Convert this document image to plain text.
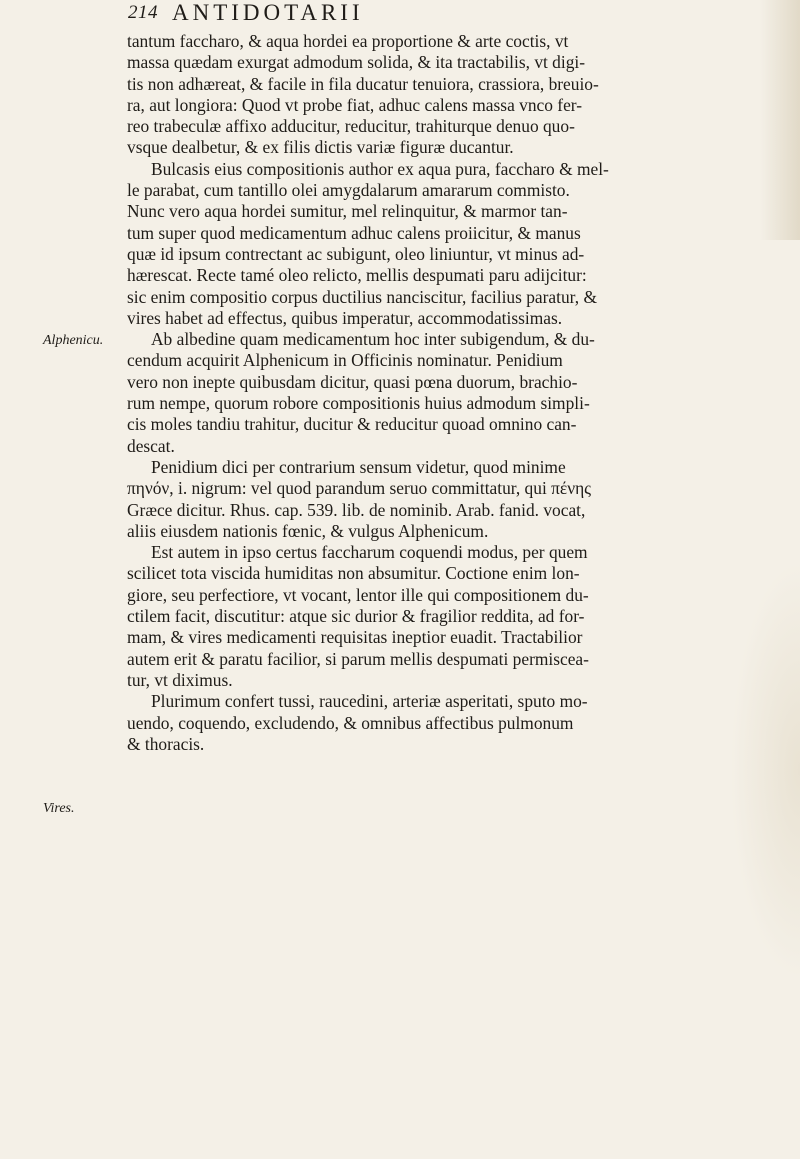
214 ANTIDOTARII
Alphenicu.
Vires.
tantum faccharo, & aqua hordei ea proportione & arte coctis, vt
massa quædam exurgat admodum solida, & ita tractabilis, vt digi-
tis non adhæreat, & facile in fila ducatur tenuiora, crassiora, breuio-
ra, aut longiora: Quod vt probe fiat, adhuc calens massa vnco fer-
reo trabeculæ affixo adducitur, reducitur, trahiturque denuo quo-
vsque dealbetur, & ex filis dictis variæ figuræ ducantur.
Bulcasis eius compositionis author ex aqua pura, faccharo & mel-
le parabat, cum tantillo olei amygdalarum amararum commisto.
Nunc vero aqua hordei sumitur, mel relinquitur, & marmor tan-
tum super quod medicamentum adhuc calens proiicitur, & manus
quæ id ipsum contrectant ac subigunt, oleo liniuntur, vt minus ad-
hærescat. Recte tamé oleo relicto, mellis despumati paru adijcitur:
sic enim compositio corpus ductilius nanciscitur, facilius paratur, &
vires habet ad effectus, quibus imperatur, accommodatissimas.
Ab albedine quam medicamentum hoc inter subigendum, & du-
cendum acquirit Alphenicum in Officinis nominatur. Penidium
vero non inepte quibusdam dicitur, quasi pœna duorum, brachio-
rum nempe, quorum robore compositionis huius admodum simpli-
cis moles tandiu trahitur, ducitur & reducitur quoad omnino can-
descat.
Penidium dici per contrarium sensum videtur, quod minime
πηνόν, i. nigrum: vel quod parandum seruo committatur, qui πένης
Græce dicitur. Rhus. cap. 539. lib. de nominib. Arab. fanid. vocat,
aliis eiusdem nationis fœnic, & vulgus Alphenicum.
Est autem in ipso certus faccharum coquendi modus, per quem
scilicet tota viscida humiditas non absumitur. Coctione enim lon-
giore, seu perfectiore, vt vocant, lentor ille qui compositionem du-
ctilem facit, discutitur: atque sic durior & fragilior reddita, ad for-
mam, & vires medicamenti requisitas ineptior euadit. Tractabilior
autem erit & paratu facilior, si parum mellis despumati permiscea-
tur, vt diximus.
Plurimum confert tussi, raucedini, arteriæ asperitati, sputo mo-
uendo, coquendo, excludendo, & omnibus affectibus pulmonum
& thoracis.
